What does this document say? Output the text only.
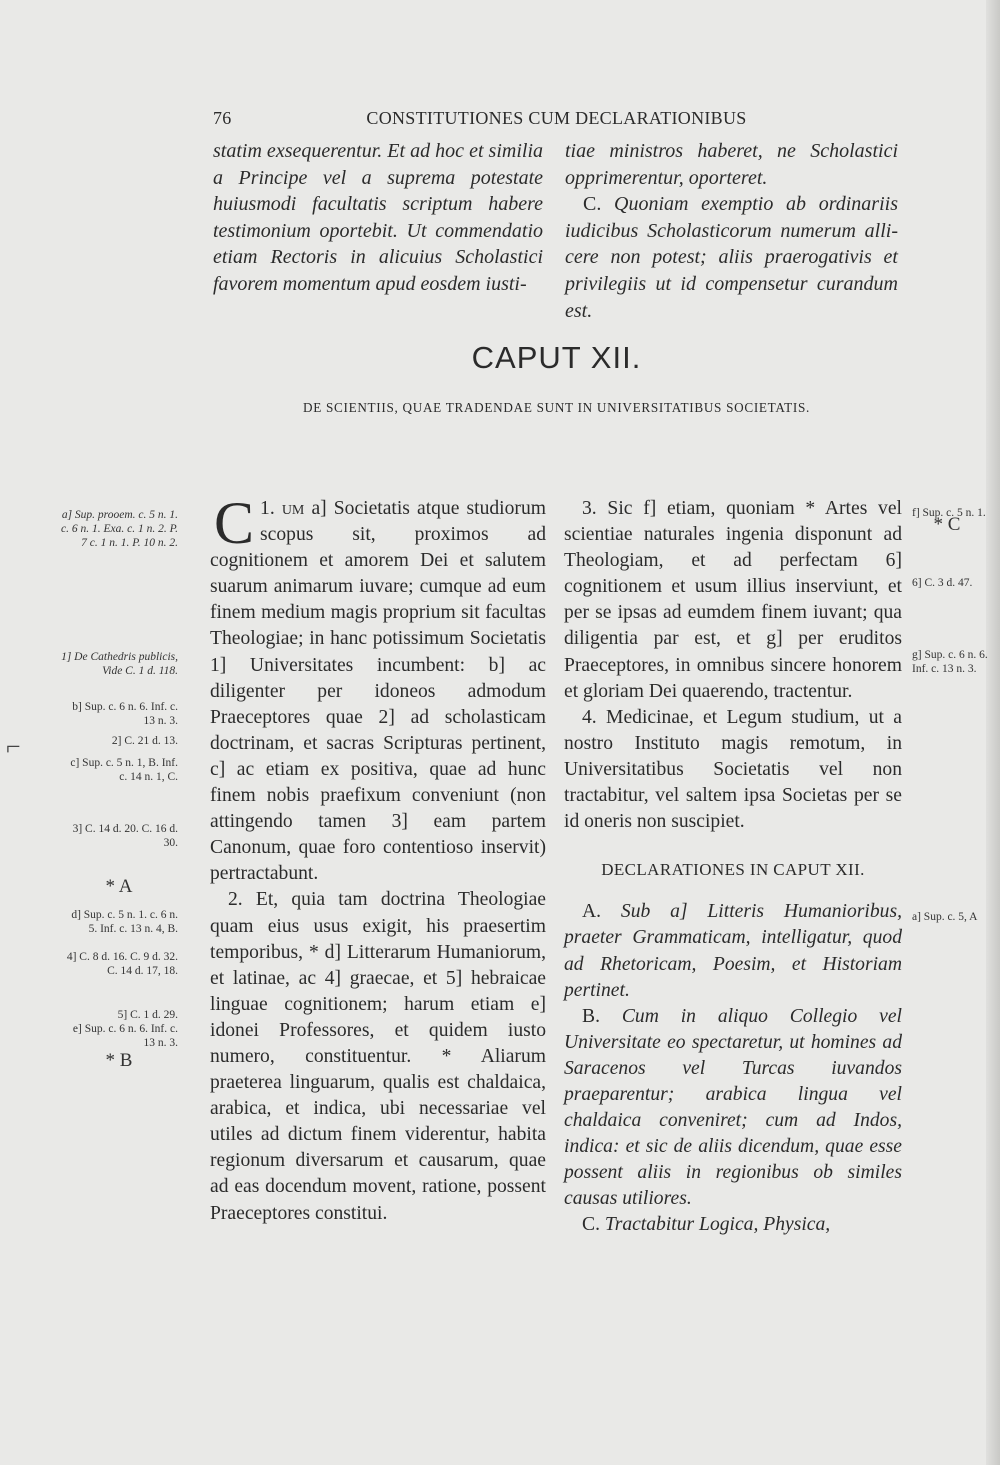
76	CONSTITUTIONES CUM DECLARATIONIBUS

statim exsequerentur. Et ad hoc et similia a Principe vel a suprema potestate huiusmodi facultatis scriptum habere testimonium oportebit. Ut commendatio etiam Rectoris in alicuius Scholastici favorem momentum apud eosdem iusti-

tiae ministros haberet, ne Scholastici opprimerentur, oporteret.

C. Quoniam exemptio ab ordinariis iudicibus Scholasticorum numerum alli-cere non potest; aliis praerogativis et privilegiis ut id compensetur curandum est.

CAPUT XII.
DE SCIENTIIS, QUAE TRADENDAE SUNT IN UNIVERSITATIBUS SOCIETATIS.

1.
C um a] Societatis atque studiorum scopus sit, proximos ad cognitionem et amorem Dei et salutem suarum animarum iuvare; cumque ad eum finem medium magis proprium sit facultas Theologiae; in hanc potissimum Societatis 1] Universitates incumbent: b] ac diligenter per idoneos admodum Praeceptores quae 2] ad scholasticam doctrinam, et sacras Scripturas pertinent, c] ac etiam ex positiva, quae ad hunc finem nobis praefixum conveniunt (non attingendo tamen 3] eam partem Canonum, quae foro contentioso inservit) pertractabunt.

2. Et, quia tam doctrina Theologiae quam eius usus exigit, his praesertim temporibus, * d] Litterarum Humaniorum, et latinae, ac 4] graecae, et 5] hebraicae linguae cognitionem; harum etiam e] idonei Professores, et quidem iusto numero, constituentur. * Aliarum praeterea linguarum, qualis est chaldaica, arabica, et indica, ubi necessariae vel utiles ad dictum finem viderentur, habita regionum diversarum et causarum, quae ad eas docendum movent, ratione, possent Praeceptores constitui.

3. Sic f] etiam, quoniam * Artes vel scientiae naturales ingenia disponunt ad Theologiam, et ad perfectam 6] cognitionem et usum illius inserviunt, et per se ipsas ad eumdem finem iuvant; qua diligentia par est, et g] per eruditos Praeceptores, in omnibus sincere honorem et gloriam Dei quaerendo, tractentur.

4. Medicinae, et Legum studium, ut a nostro Instituto magis remotum, in Universitatibus Societatis vel non tractabitur, vel saltem ipsa Societas per se id oneris non suscipiet.

DECLARATIONES IN CAPUT XII.

A. Sub a] Litteris Humanioribus, praeter Grammaticam, intelligatur, quod ad Rhetoricam, Poesim, et Historiam pertinet.

B. Cum in aliquo Collegio vel Universitate eo spectaretur, ut homines ad Saracenos vel Turcas iuvandos praeparentur; arabica lingua vel chaldaica conveniret; cum ad Indos, indica: et sic de aliis dicendum, quae esse possent aliis in regionibus ob similes causas utiliores.

C. Tractabitur Logica, Physica,

a] Sup. prooem. c. 5 n. 1. c. 6 n. 1. Exa. c. 1 n. 2. P. 7 c. 1 n. 1. P. 10 n. 2.
1] De Cathedris publicis, Vide C. 1 d. 118.
b] Sup. c. 6 n. 6. Inf. c. 13 n. 3.
2] C. 21 d. 13.
c] Sup. c. 5 n. 1, B. Inf. c. 14 n. 1, C.
3] C. 14 d. 20. C. 16 d. 30.
* A
d] Sup. c. 5 n. 1. c. 6 n. 5. Inf. c. 13 n. 4, B.
4] C. 8 d. 16. C. 9 d. 32. C. 14 d. 17, 18.
5] C. 1 d. 29.
e] Sup. c. 6 n. 6. Inf. c. 13 n. 3.
* B
f] Sup. c. 5 n. 1.
* C
6] C. 3 d. 47.
g] Sup. c. 6 n. 6. Inf. c. 13 n. 3.
a] Sup. c. 5, A
⌐
